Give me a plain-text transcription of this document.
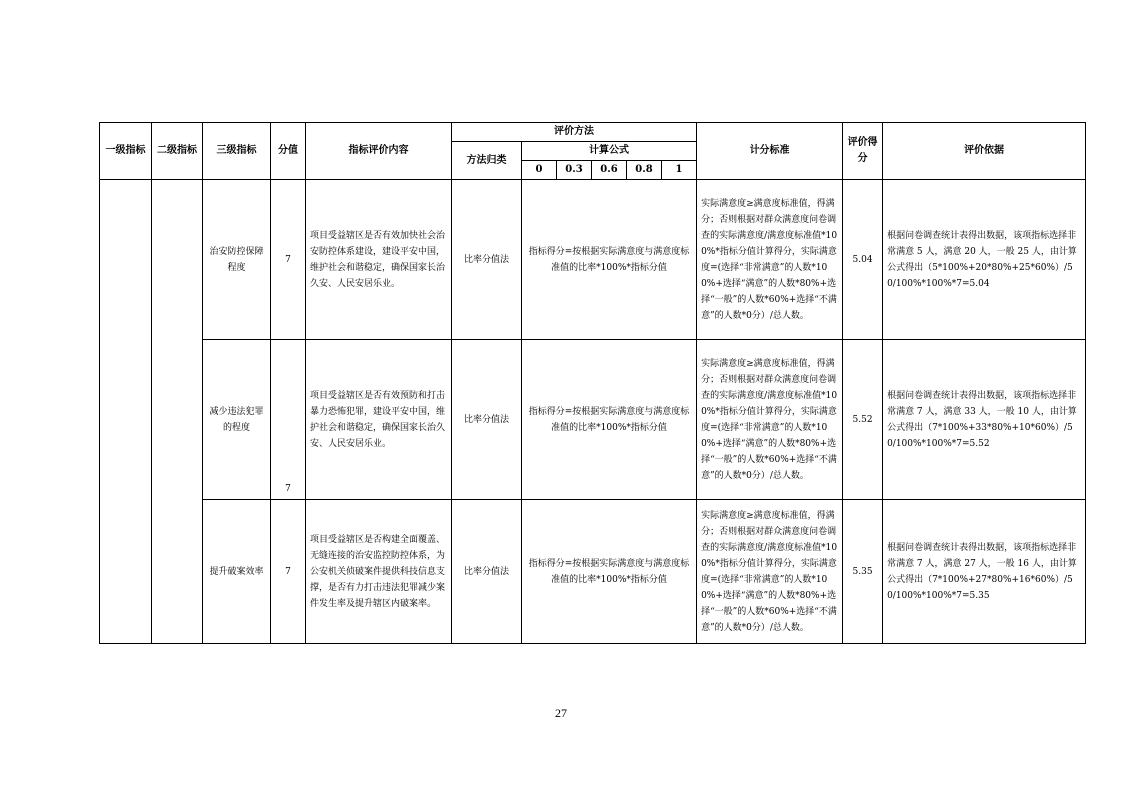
一级指标	二级指标	三级指标	分值	指标评价内容	评价方法						计分标准	评价得分	评价依据
					方法归类	计算公式							
						0	0.3	0.6	0.8	1			
		治安防控保障程度	7	项目受益辖区是否有效加快社会治安防控体系建设，建设平安中国，维护社会和谐稳定，确保国家长治久安、人民安居乐业。	比率分值法	指标得分=按根据实际满意度与满意度标准值的比率*100%*指标分值					实际满意度≥满意度标准值，得满分；否则根据对群众满意度问卷调查的实际满意度/满意度标准值*100%*指标分值计算得分，实际满意度=(选择“非常满意”的人数*100%+选择“满意”的人数*80%+选择“一般”的人数*60%+选择“不满意”的人数*0分）/总人数。	5.04	根据问卷调查统计表得出数据，该项指标选择非常满意 5 人，满意 20 人，一般 25 人，由计算公式得出（5*100%+20*80%+25*60%）/50/100%*100%*7=5.04
		减少违法犯罪的程度	7	项目受益辖区是否有效预防和打击暴力恐怖犯罪，建设平安中国，维护社会和谐稳定，确保国家长治久安、人民安居乐业。	比率分值法	指标得分=按根据实际满意度与满意度标准值的比率*100%*指标分值					实际满意度≥满意度标准值，得满分；否则根据对群众满意度问卷调查的实际满意度/满意度标准值*100%*指标分值计算得分，实际满意度=(选择“非常满意”的人数*100%+选择“满意”的人数*80%+选择“一般”的人数*60%+选择“不满意”的人数*0分）/总人数。	5.52	根据问卷调查统计表得出数据，该项指标选择非常满意 7 人，满意 33 人，一般 10 人，由计算公式得出（7*100%+33*80%+10*60%）/50/100%*100%*7=5.52
		提升破案效率	7	项目受益辖区是否构建全面覆盖、无缝连接的治安监控防控体系，为公安机关侦破案件提供科技信息支撑，是否有力打击违法犯罪减少案件发生率及提升辖区内破案率。	比率分值法	指标得分=按根据实际满意度与满意度标准值的比率*100%*指标分值					实际满意度≥满意度标准值，得满分；否则根据对群众满意度问卷调查的实际满意度/满意度标准值*100%*指标分值计算得分，实际满意度=(选择“非常满意”的人数*100%+选择“满意”的人数*80%+选择“一般”的人数*60%+选择“不满意”的人数*0分）/总人数。	5.35	根据问卷调查统计表得出数据，该项指标选择非常满意 7 人，满意 27 人，一般 16 人，由计算公式得出（7*100%+27*80%+16*60%）/50/100%*100%*7=5.35
27
